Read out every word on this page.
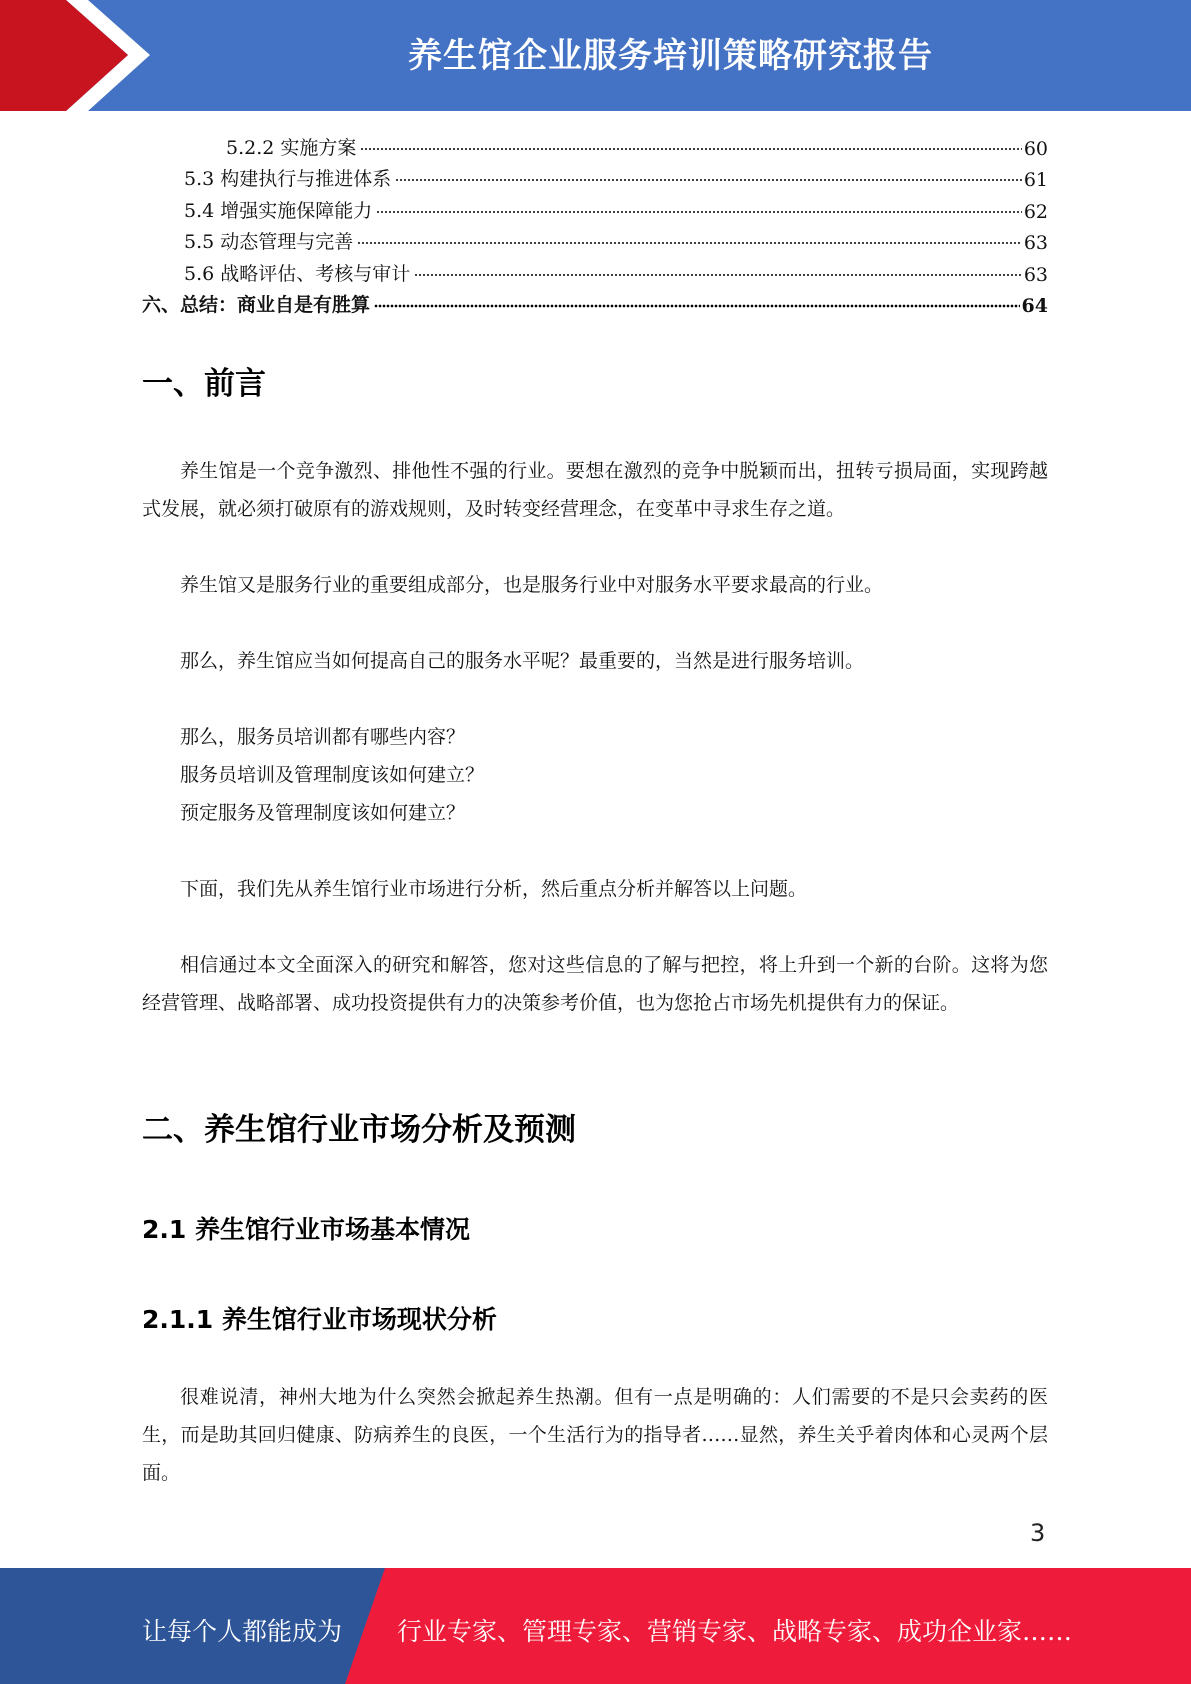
养生馆企业服务培训策略研究报告
5.2.2 实施方案	60
5.3 构建执行与推进体系	61
5.4 增强实施保障能力	62
5.5 动态管理与完善	63
5.6 战略评估、考核与审计	63
六、总结：商业自是有胜算	64
一、前言
养生馆是一个竞争激烈、排他性不强的行业。要想在激烈的竞争中脱颖而出，扭转亏损局面，实现跨越式发展，就必须打破原有的游戏规则，及时转变经营理念，在变革中寻求生存之道。
养生馆又是服务行业的重要组成部分，也是服务行业中对服务水平要求最高的行业。
那么，养生馆应当如何提高自己的服务水平呢？最重要的，当然是进行服务培训。
那么，服务员培训都有哪些内容？
服务员培训及管理制度该如何建立？
预定服务及管理制度该如何建立？
下面，我们先从养生馆行业市场进行分析，然后重点分析并解答以上问题。
相信通过本文全面深入的研究和解答，您对这些信息的了解与把控，将上升到一个新的台阶。这将为您经营管理、战略部署、成功投资提供有力的决策参考价值，也为您抢占市场先机提供有力的保证。
二、养生馆行业市场分析及预测
2.1 养生馆行业市场基本情况
2.1.1 养生馆行业市场现状分析
很难说清，神州大地为什么突然会掀起养生热潮。但有一点是明确的：人们需要的不是只会卖药的医生，而是助其回归健康、防病养生的良医，一个生活行为的指导者……显然，养生关乎着肉体和心灵两个层面。
3
让每个人都能成为 行业专家、管理专家、营销专家、战略专家、成功企业家……
